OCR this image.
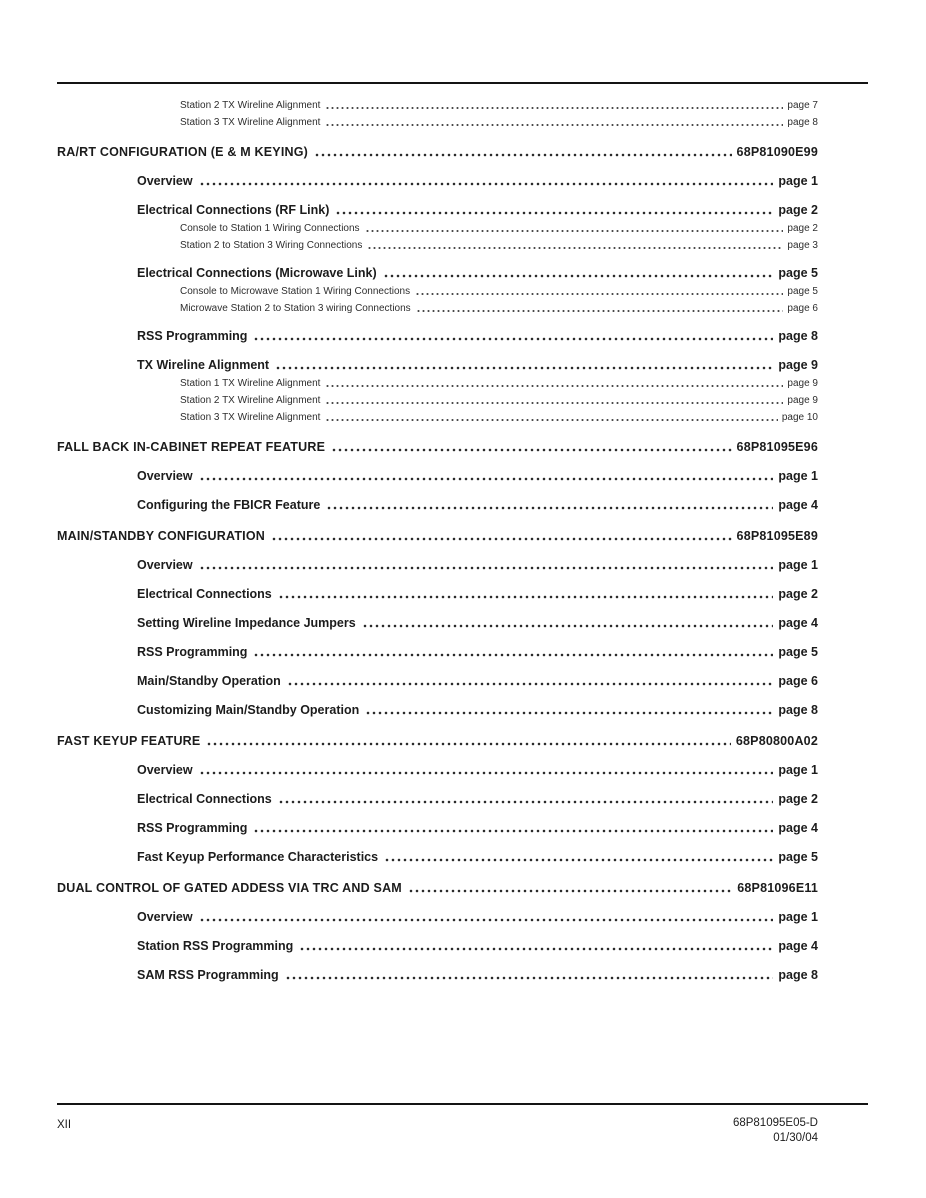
Station 2 TX Wireline Alignment	page 7
Station 3 TX Wireline Alignment	page 8
RA/RT CONFIGURATION (E & M KEYING)	68P81090E99
Overview	page 1
Electrical Connections (RF Link)	page 2
Console to Station 1 Wiring Connections	page 2
Station 2 to Station 3 Wiring Connections	page 3
Electrical Connections (Microwave Link)	page 5
Console to Microwave Station 1 Wiring Connections	page 5
Microwave Station 2 to Station 3 wiring Connections	page 6
RSS Programming	page 8
TX Wireline Alignment	page 9
Station 1 TX Wireline Alignment	page 9
Station 2 TX Wireline Alignment	page 9
Station 3 TX Wireline Alignment	page 10
FALL BACK IN-CABINET REPEAT FEATURE	68P81095E96
Overview	page 1
Configuring the FBICR Feature	page 4
MAIN/STANDBY CONFIGURATION	68P81095E89
Overview	page 1
Electrical Connections	page 2
Setting Wireline Impedance Jumpers	page 4
RSS Programming	page 5
Main/Standby Operation	page 6
Customizing Main/Standby Operation	page 8
FAST KEYUP FEATURE	68P80800A02
Overview	page 1
Electrical Connections	page 2
RSS Programming	page 4
Fast Keyup Performance Characteristics	page 5
DUAL CONTROL OF GATED ADDESS VIA TRC AND SAM	68P81096E11
Overview	page 1
Station RSS Programming	page 4
SAM RSS Programming	page 8
XII	68P81095E05-D
01/30/04
